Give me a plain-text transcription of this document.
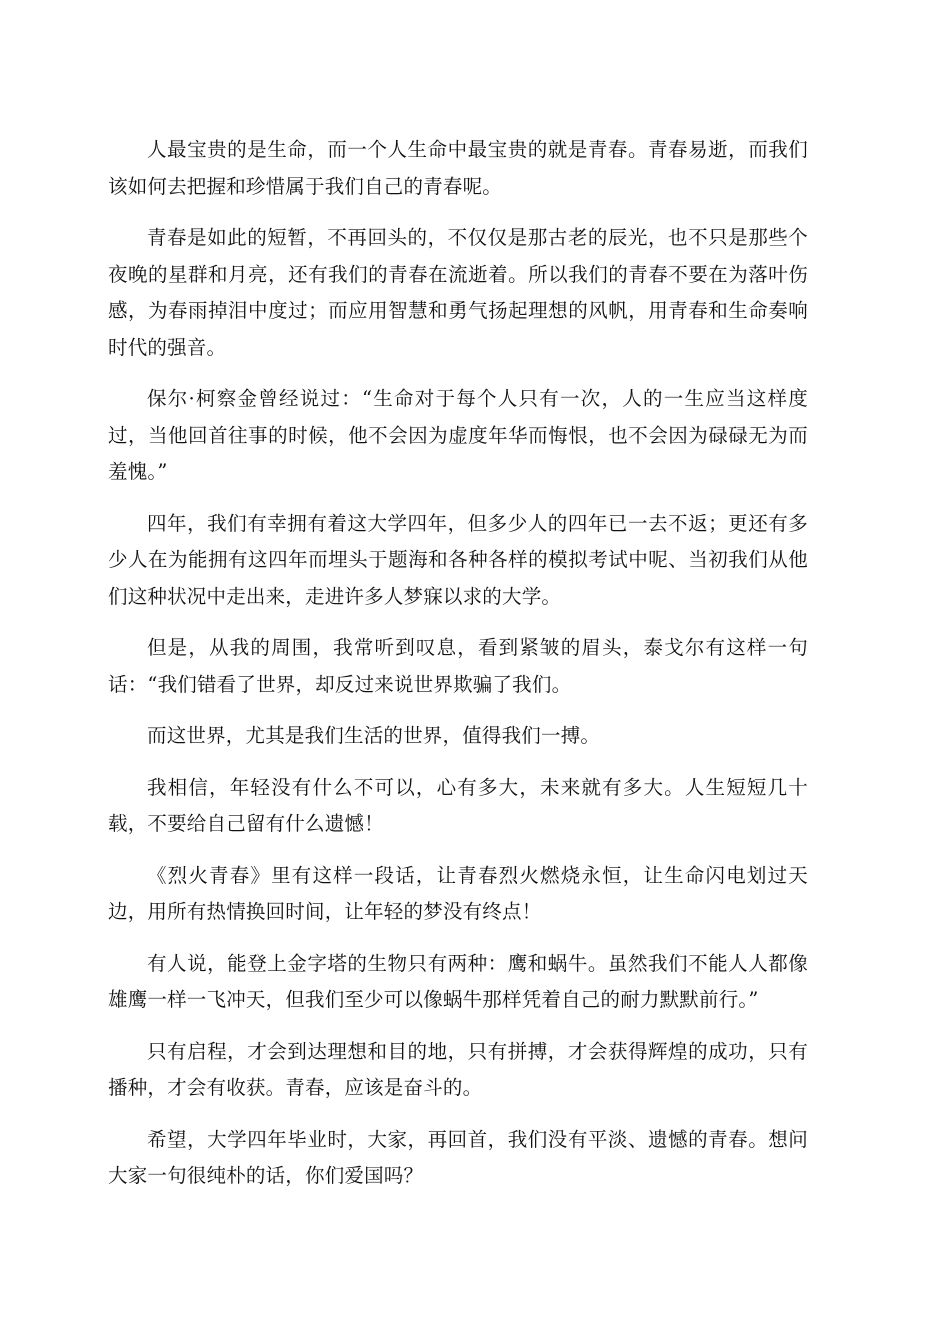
人最宝贵的是生命，而一个人生命中最宝贵的就是青春。青春易逝，而我们该如何去把握和珍惜属于我们自己的青春呢。

青春是如此的短暂，不再回头的，不仅仅是那古老的辰光，也不只是那些个夜晚的星群和月亮，还有我们的青春在流逝着。所以我们的青春不要在为落叶伤感，为春雨掉泪中度过；而应用智慧和勇气扬起理想的风帆，用青春和生命奏响时代的强音。

保尔·柯察金曾经说过：“生命对于每个人只有一次，人的一生应当这样度过，当他回首往事的时候，他不会因为虚度年华而悔恨，也不会因为碌碌无为而羞愧。”

四年，我们有幸拥有着这大学四年，但多少人的四年已一去不返；更还有多少人在为能拥有这四年而埋头于题海和各种各样的模拟考试中呢、当初我们从他们这种状况中走出来，走进许多人梦寐以求的大学。

但是，从我的周围，我常听到叹息，看到紧皱的眉头，泰戈尔有这样一句话：“我们错看了世界，却反过来说世界欺骗了我们。

而这世界，尤其是我们生活的世界，值得我们一搏。

我相信，年轻没有什么不可以，心有多大，未来就有多大。人生短短几十载，不要给自己留有什么遗憾！

《烈火青春》里有这样一段话，让青春烈火燃烧永恒，让生命闪电划过天边，用所有热情换回时间，让年轻的梦没有终点！

有人说，能登上金字塔的生物只有两种：鹰和蜗牛。虽然我们不能人人都像雄鹰一样一飞冲天，但我们至少可以像蜗牛那样凭着自己的耐力默默前行。”

只有启程，才会到达理想和目的地，只有拼搏，才会获得辉煌的成功，只有播种，才会有收获。青春，应该是奋斗的。

希望，大学四年毕业时，大家，再回首，我们没有平淡、遗憾的青春。想问大家一句很纯朴的话，你们爱国吗？
